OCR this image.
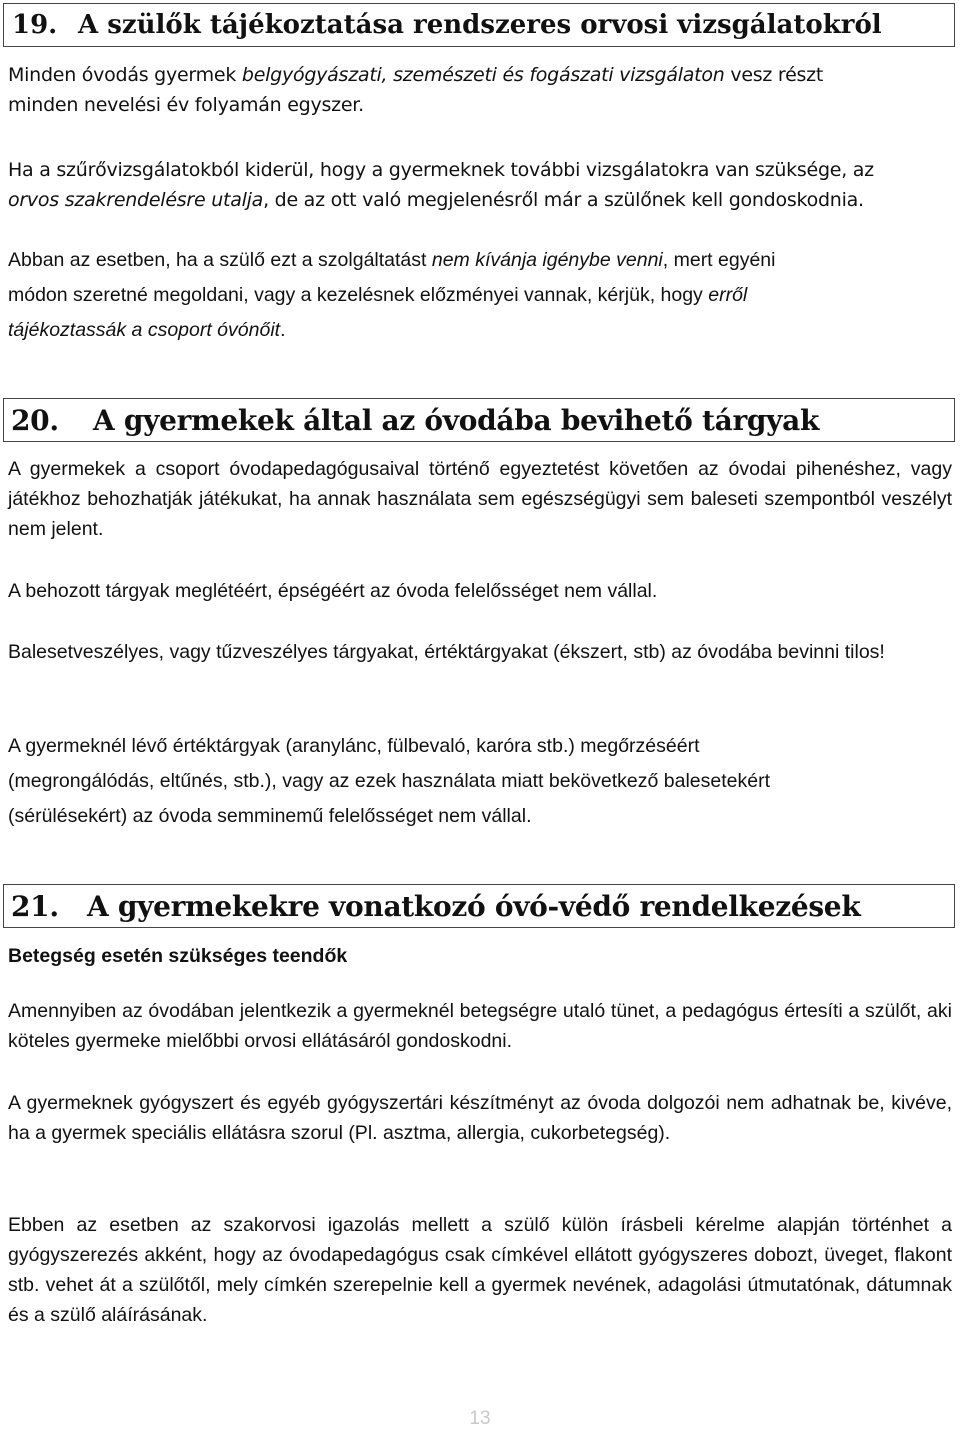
19. A szülők tájékoztatása rendszeres orvosi vizsgálatokról

Minden óvodás gyermek belgyógyászati, szemészeti és fogászati vizsgálaton vesz részt
minden nevelési év folyamán egyszer.

Ha a szűrővizsgálatokból kiderül, hogy a gyermeknek további vizsgálatokra van szüksége, az
orvos szakrendelésre utalja, de az ott való megjelenésről már a szülőnek kell gondoskodnia.

Abban az esetben, ha a szülő ezt a szolgáltatást nem kívánja igénybe venni, mert egyéni
módon szeretné megoldani, vagy a kezelésnek előzményei vannak, kérjük, hogy erről
tájékoztassák a csoport óvónőit.

20.	A gyermekek által az óvodába bevihető tárgyak

A gyermekek a csoport óvodapedagógusaival történő egyeztetést követően az óvodai pihenéshez, vagy játékhoz behozhatják játékukat, ha annak használata sem egészségügyi sem baleseti szempontból veszélyt nem jelent.

A behozott tárgyak meglétéért, épségéért az óvoda felelősséget nem vállal.

Balesetveszélyes, vagy tűzveszélyes tárgyakat, értéktárgyakat (ékszert, stb) az óvodába bevinni tilos!

A gyermeknél lévő értéktárgyak (aranylánc, fülbevaló, karóra stb.) megőrzéséért
(megrongálódás, eltűnés, stb.), vagy az ezek használata miatt bekövetkező balesetekért
(sérülésekért) az óvoda semminemű felelősséget nem vállal.

21.	A gyermekekre vonatkozó óvó-védő rendelkezések

Betegség esetén szükséges teendők

Amennyiben az óvodában jelentkezik a gyermeknél betegségre utaló tünet, a pedagógus értesíti a szülőt, aki köteles gyermeke mielőbbi orvosi ellátásáról gondoskodni.

A gyermeknek gyógyszert és egyéb gyógyszertári készítményt az óvoda dolgozói nem adhatnak be, kivéve, ha a gyermek speciális ellátásra szorul (Pl. asztma, allergia, cukorbetegség).

Ebben az esetben az szakorvosi igazolás mellett a szülő külön írásbeli kérelme alapján történhet a gyógyszerezés akként, hogy az óvodapedagógus csak címkével ellátott gyógyszeres dobozt, üveget, flakont stb. vehet át a szülőtől, mely címkén szerepelnie kell a gyermek nevének, adagolási útmutatónak, dátumnak és a szülő aláírásának.

13
